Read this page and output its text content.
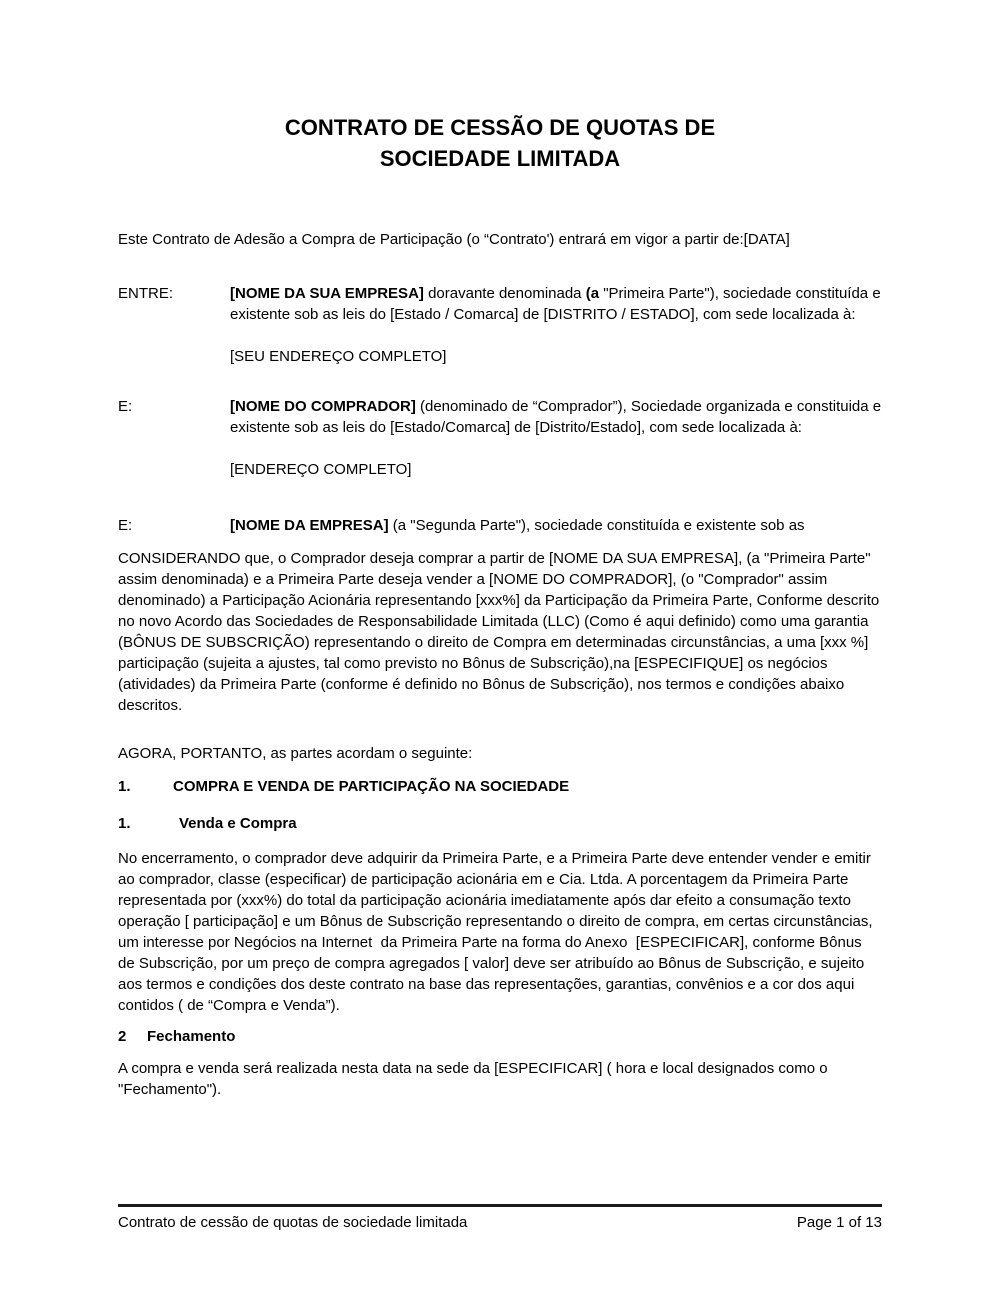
CONTRATO DE CESSÃO DE QUOTAS DE
SOCIEDADE LIMITADA

Este Contrato de Adesão a Compra de Participação (o “Contrato') entrará em vigor a partir de:[DATA]

ENTRE:	[NOME DA SUA EMPRESA] doravante denominada (a "Primeira Parte"), sociedade constituída e existente sob as leis do [Estado / Comarca] de [DISTRITO / ESTADO], com sede localizada à:

[SEU ENDEREÇO COMPLETO]

E:	[NOME DO COMPRADOR] (denominado de “Comprador”), Sociedade organizada e constituida e existente sob as leis do [Estado/Comarca] de [Distrito/Estado], com sede localizada à:

[ENDEREÇO COMPLETO]

E:	[NOME DA EMPRESA] (a "Segunda Parte"), sociedade constituída e existente sob as

CONSIDERANDO que, o Comprador deseja comprar a partir de [NOME DA SUA EMPRESA], (a "Primeira Parte" assim denominada) e a Primeira Parte deseja vender a [NOME DO COMPRADOR], (o "Comprador" assim denominado) a Participação Acionária representando [xxx%] da Participação da Primeira Parte, Conforme descrito no novo Acordo das Sociedades de Responsabilidade Limitada (LLC) (Como é aqui definido) como uma garantia (BÔNUS DE SUBSCRIÇÃO) representando o direito de Compra em determinadas circunstâncias, a uma [xxx %] participação (sujeita a ajustes, tal como previsto no Bônus de Subscrição),na [ESPECIFIQUE] os negócios (atividades) da Primeira Parte (conforme é definido no Bônus de Subscrição), nos termos e condições abaixo descritos.

AGORA, PORTANTO, as partes acordam o seguinte:

1.	COMPRA E VENDA DE PARTICIPAÇÃO NA SOCIEDADE
1.	Venda e Compra

No encerramento, o comprador deve adquirir da Primeira Parte, e a Primeira Parte deve entender vender e emitir ao comprador, classe (especificar) de participação acionária em e Cia. Ltda. A porcentagem da Primeira Parte representada por (xxx%) do total da participação acionária imediatamente após dar efeito a consumação texto operação [ participação] e um Bônus de Subscrição representando o direito de compra, em certas circunstâncias, um interesse por Negócios na Internet  da Primeira Parte na forma do Anexo  [ESPECIFICAR], conforme Bônus de Subscrição, por um preço de compra agregados [ valor] deve ser atribuído ao Bônus de Subscrição, e sujeito aos termos e condições dos deste contrato na base das representações, garantias, convênios e a cor dos aqui contidos ( de “Compra e Venda”).

2	Fechamento

A compra e venda será realizada nesta data na sede da [ESPECIFICAR] ( hora e local designados como o "Fechamento").

Contrato de cessão de quotas de sociedade limitada	Page 1 of 13
